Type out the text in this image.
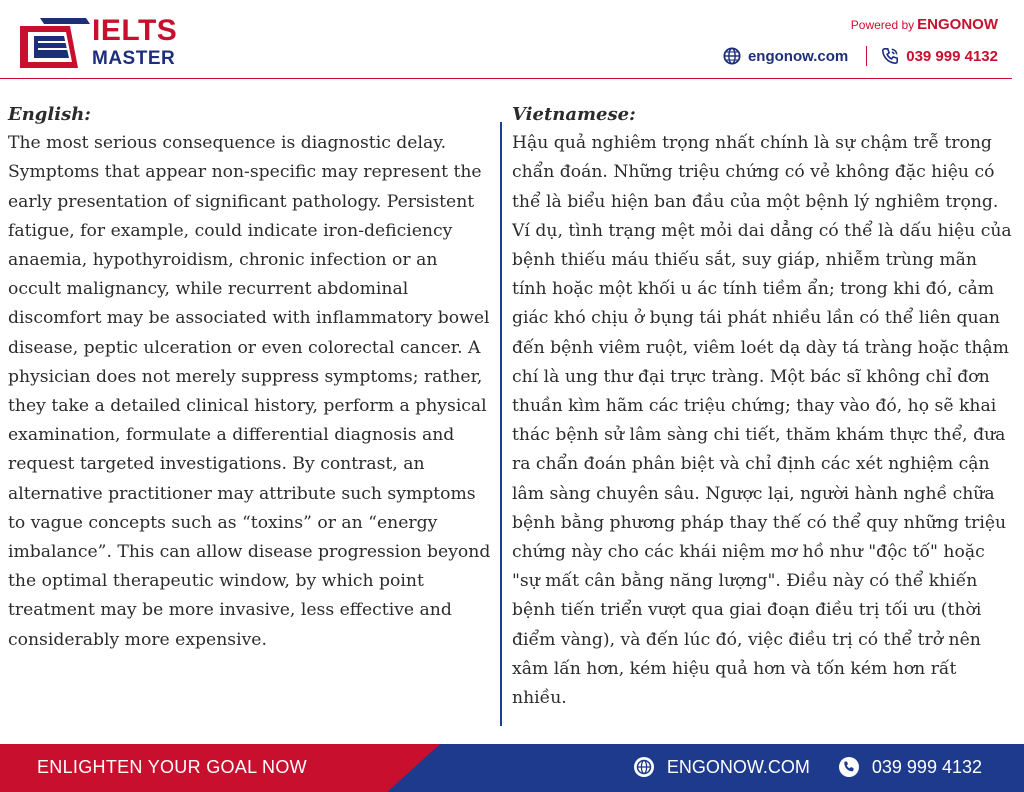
IELTS
MASTER
Powered by ENGONOW
engonow.com	039 999 4132
English:
The most serious consequence is diagnostic delay.
Symptoms that appear non-specific may represent the
early presentation of significant pathology. Persistent
fatigue, for example, could indicate iron-deficiency
anaemia, hypothyroidism, chronic infection or an
occult malignancy, while recurrent abdominal
discomfort may be associated with inflammatory bowel
disease, peptic ulceration or even colorectal cancer. A
physician does not merely suppress symptoms; rather,
they take a detailed clinical history, perform a physical
examination, formulate a differential diagnosis and
request targeted investigations. By contrast, an
alternative practitioner may attribute such symptoms
to vague concepts such as “toxins” or an “energy
imbalance”. This can allow disease progression beyond
the optimal therapeutic window, by which point
treatment may be more invasive, less effective and
considerably more expensive.
Vietnamese:
Hậu quả nghiêm trọng nhất chính là sự chậm trễ trong
chẩn đoán. Những triệu chứng có vẻ không đặc hiệu có
thể là biểu hiện ban đầu của một bệnh lý nghiêm trọng.
Ví dụ, tình trạng mệt mỏi dai dẳng có thể là dấu hiệu của
bệnh thiếu máu thiếu sắt, suy giáp, nhiễm trùng mãn
tính hoặc một khối u ác tính tiềm ẩn; trong khi đó, cảm
giác khó chịu ở bụng tái phát nhiều lần có thể liên quan
đến bệnh viêm ruột, viêm loét dạ dày tá tràng hoặc thậm
chí là ung thư đại trực tràng. Một bác sĩ không chỉ đơn
thuần kìm hãm các triệu chứng; thay vào đó, họ sẽ khai
thác bệnh sử lâm sàng chi tiết, thăm khám thực thể, đưa
ra chẩn đoán phân biệt và chỉ định các xét nghiệm cận
lâm sàng chuyên sâu. Ngược lại, người hành nghề chữa
bệnh bằng phương pháp thay thế có thể quy những triệu
chứng này cho các khái niệm mơ hồ như "độc tố" hoặc
"sự mất cân bằng năng lượng". Điều này có thể khiến
bệnh tiến triển vượt qua giai đoạn điều trị tối ưu (thời
điểm vàng), và đến lúc đó, việc điều trị có thể trở nên
xâm lấn hơn, kém hiệu quả hơn và tốn kém hơn rất
nhiều.
ENLIGHTEN YOUR GOAL NOW	ENGONOW.COM	039 999 4132
